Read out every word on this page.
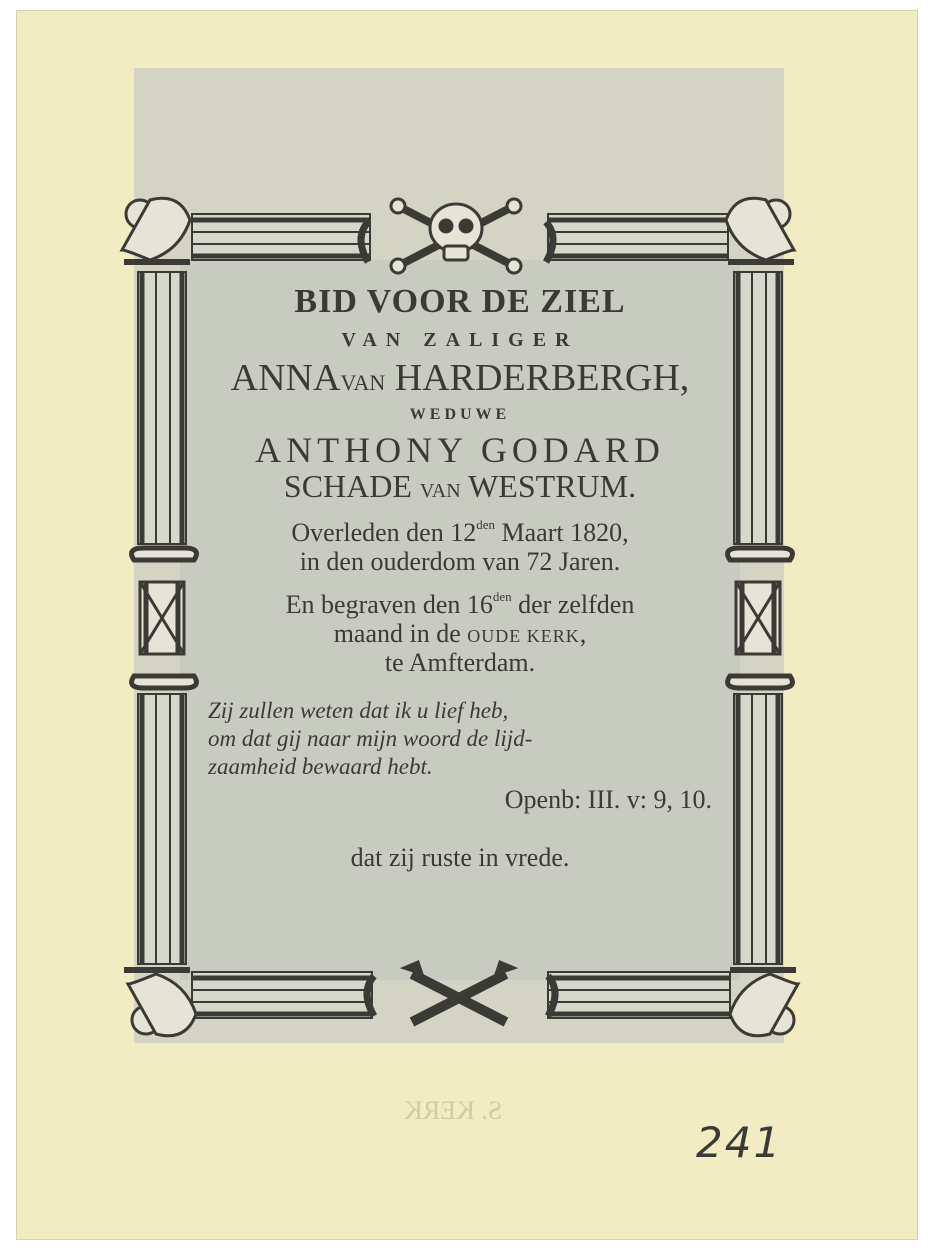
BID VOOR DE ZIEL
VAN ZALIGER
ANNAVAN HARDERBERGH,
WEDUWE
ANTHONY GODARD
SCHADE VAN WESTRUM.
Overleden den $12^{den}$ Maart 1820,
in den ouderdom van 72 Jaren.
En begraven den $16^{den}$ der zelfden
maand in de OUDE KERK,
te Amfterdam.
Zij zullen weten dat ik u lief heb,
om dat gij naar mijn woord de lijd-
zaamheid bewaard hebt.
Openb: III. v: 9, 10.
dat zij ruste in vrede.
S. KERK
241
